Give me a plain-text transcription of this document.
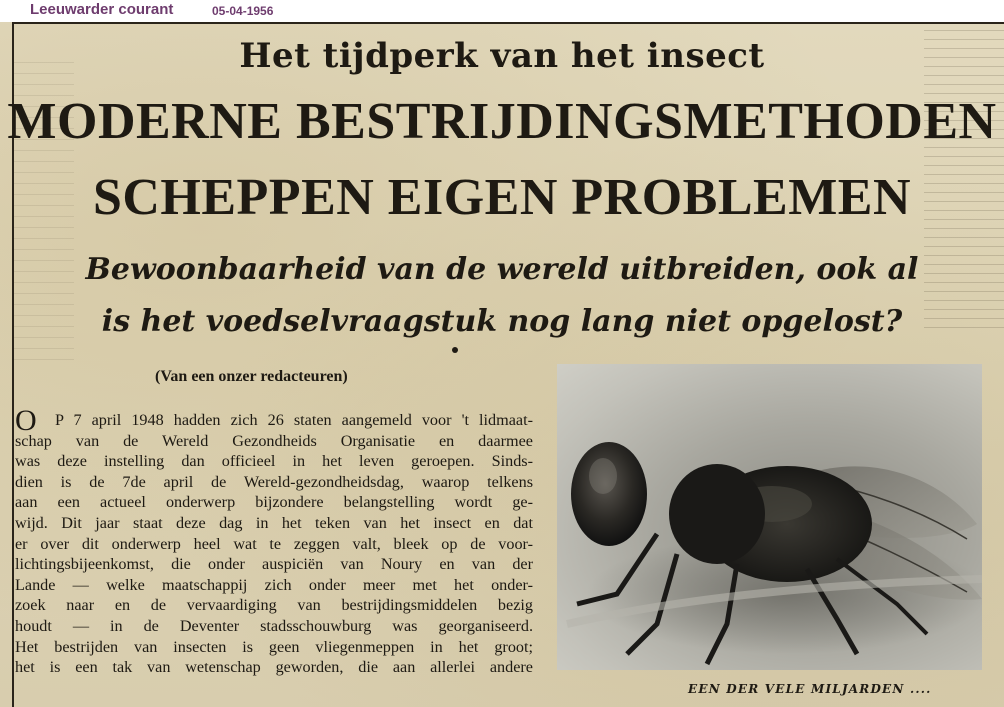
Leeuwarder courant	05-04-1956
Het tijdperk van het insect
MODERNE BESTRIJDINGSMETHODEN
SCHEPPEN EIGEN PROBLEMEN
Bewoonbaarheid van de wereld uitbreiden, ook al
is het voedselvraagstuk nog lang niet opgelost?
(Van een onzer redacteuren)
O	P 7 april 1948 hadden zich 26 staten aangemeld voor 't lidmaat-
schap van de Wereld Gezondheids Organisatie en daarmee
was deze instelling dan officieel in het leven geroepen. Sinds-
dien is de 7de april de Wereld-gezondheidsdag, waarop telkens
aan een actueel onderwerp bijzondere belangstelling wordt ge-
wijd. Dit jaar staat deze dag in het teken van het insect en dat
er over dit onderwerp heel wat te zeggen valt, bleek op de voor-
lichtingsbijeenkomst, die onder auspiciën van Noury en van der
Lande — welke maatschappij zich onder meer met het onder-
zoek naar en de vervaardiging van bestrijdingsmiddelen bezig
houdt — in de Deventer stadsschouwburg was georganiseerd.
Het bestrijden van insecten is geen vliegenmeppen in het groot;
het is een tak van wetenschap geworden, die aan allerlei andere
EEN DER VELE MILJARDEN ....
